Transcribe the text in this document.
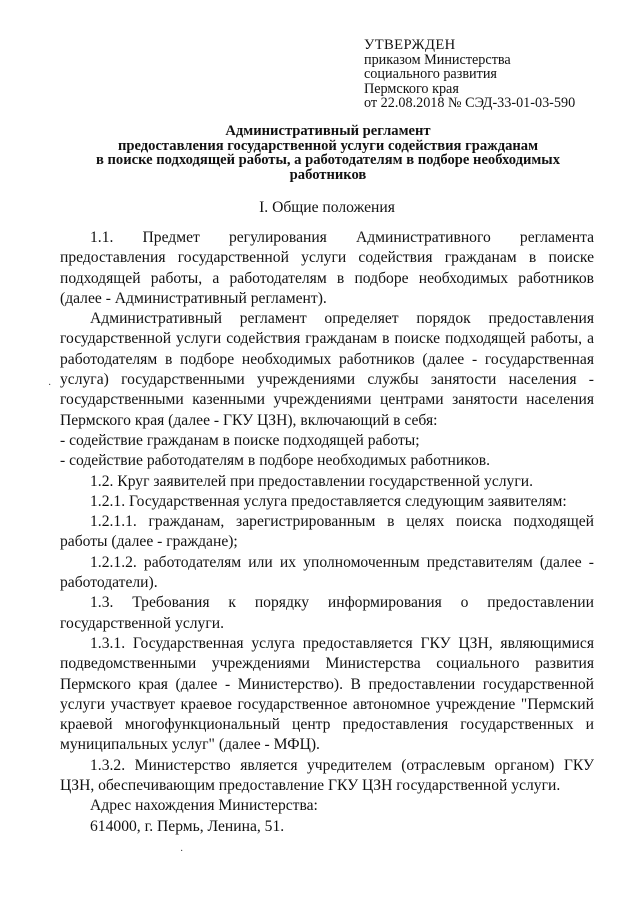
УТВЕРЖДЕН
приказом Министерства
социального развития
Пермского края
от 22.08.2018 № СЭД-33-01-03-590
Административный регламент
предоставления государственной услуги содействия гражданам
в поиске подходящей работы, а работодателям в подборе необходимых
работников
I. Общие положения

1.1. Предмет регулирования Административного регламента предоставления государственной услуги содействия гражданам в поиске подходящей работы, а работодателям в подборе необходимых работников (далее - Административный регламент).

Административный регламент определяет порядок предоставления государственной услуги содействия гражданам в поиске подходящей работы, а работодателям в подборе необходимых работников (далее - государственная услуга) государственными учреждениями службы занятости населения - государственными казенными учреждениями центрами занятости населения Пермского края (далее - ГКУ ЦЗН), включающий в себя:

- содействие гражданам в поиске подходящей работы;

- содействие работодателям в подборе необходимых работников.

1.2. Круг заявителей при предоставлении государственной услуги.

1.2.1. Государственная услуга предоставляется следующим заявителям:

1.2.1.1. гражданам, зарегистрированным в целях поиска подходящей работы (далее - граждане);

1.2.1.2. работодателям или их уполномоченным представителям (далее - работодатели).

1.3. Требования к порядку информирования о предоставлении государственной услуги.

1.3.1. Государственная услуга предоставляется ГКУ ЦЗН, являющимися подведомственными учреждениями Министерства социального развития Пермского края (далее - Министерство). В предоставлении государственной услуги участвует краевое государственное автономное учреждение "Пермский краевой многофункциональный центр предоставления государственных и муниципальных услуг" (далее - МФЦ).

1.3.2. Министерство является учредителем (отраслевым органом) ГКУ ЦЗН, обеспечивающим предоставление ГКУ ЦЗН государственной услуги.

Адрес нахождения Министерства:

614000, г. Пермь, Ленина, 51.

·
·
